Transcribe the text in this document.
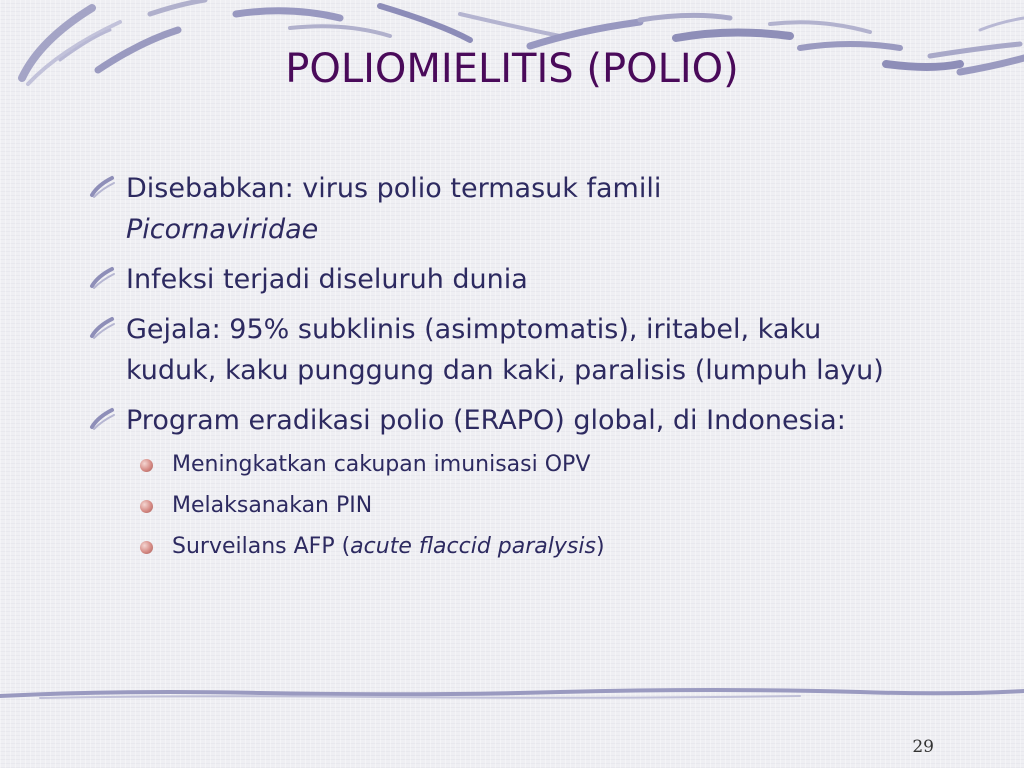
POLIOMIELITIS (POLIO)
Disebabkan: virus polio termasuk famili
Picornaviridae
Infeksi terjadi diseluruh dunia
Gejala: 95% subklinis (asimptomatis), iritabel, kaku kuduk, kaku punggung dan kaki, paralisis (lumpuh layu)
Program eradikasi polio (ERAPO) global, di Indonesia:
Meningkatkan cakupan imunisasi OPV
Melaksanakan PIN
Surveilans AFP (acute flaccid paralysis)
29
